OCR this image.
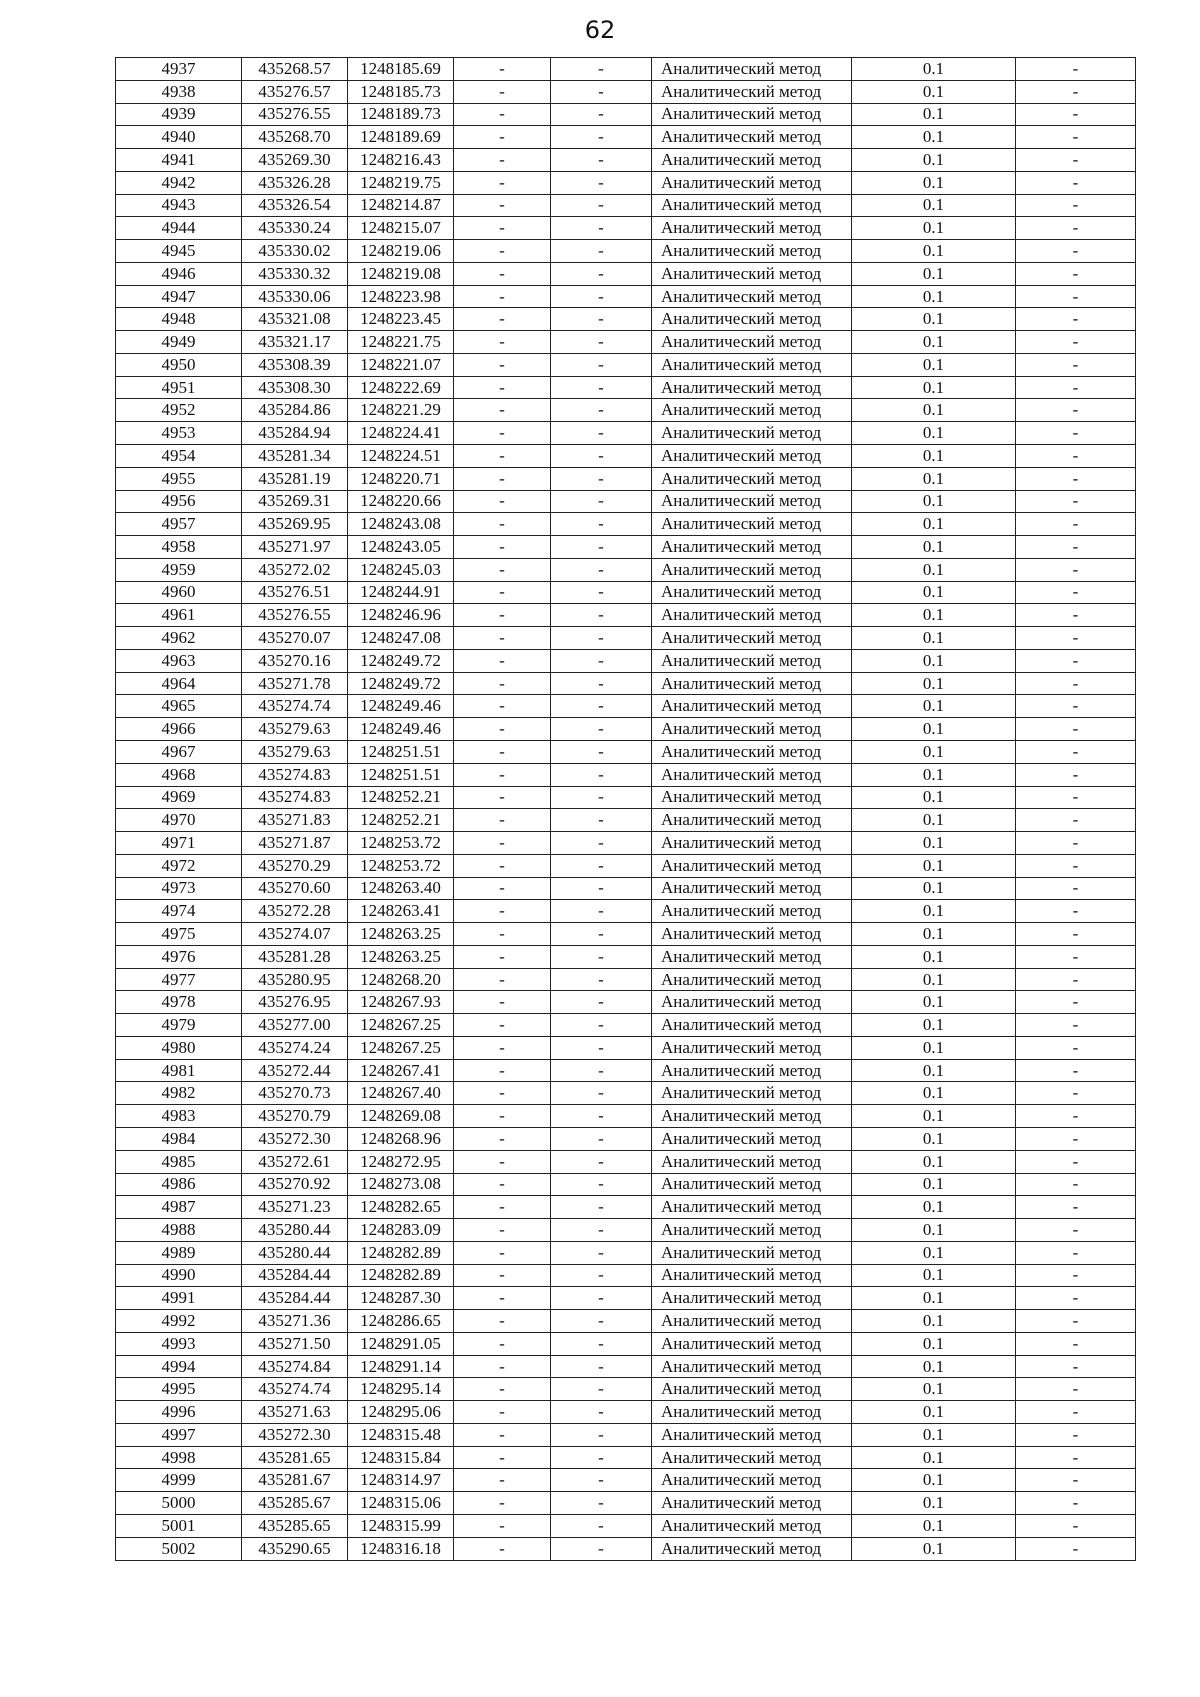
62
4937	435268.57	1248185.69	-	-	Аналитический метод	0.1	-
4938	435276.57	1248185.73	-	-	Аналитический метод	0.1	-
4939	435276.55	1248189.73	-	-	Аналитический метод	0.1	-
4940	435268.70	1248189.69	-	-	Аналитический метод	0.1	-
4941	435269.30	1248216.43	-	-	Аналитический метод	0.1	-
4942	435326.28	1248219.75	-	-	Аналитический метод	0.1	-
4943	435326.54	1248214.87	-	-	Аналитический метод	0.1	-
4944	435330.24	1248215.07	-	-	Аналитический метод	0.1	-
4945	435330.02	1248219.06	-	-	Аналитический метод	0.1	-
4946	435330.32	1248219.08	-	-	Аналитический метод	0.1	-
4947	435330.06	1248223.98	-	-	Аналитический метод	0.1	-
4948	435321.08	1248223.45	-	-	Аналитический метод	0.1	-
4949	435321.17	1248221.75	-	-	Аналитический метод	0.1	-
4950	435308.39	1248221.07	-	-	Аналитический метод	0.1	-
4951	435308.30	1248222.69	-	-	Аналитический метод	0.1	-
4952	435284.86	1248221.29	-	-	Аналитический метод	0.1	-
4953	435284.94	1248224.41	-	-	Аналитический метод	0.1	-
4954	435281.34	1248224.51	-	-	Аналитический метод	0.1	-
4955	435281.19	1248220.71	-	-	Аналитический метод	0.1	-
4956	435269.31	1248220.66	-	-	Аналитический метод	0.1	-
4957	435269.95	1248243.08	-	-	Аналитический метод	0.1	-
4958	435271.97	1248243.05	-	-	Аналитический метод	0.1	-
4959	435272.02	1248245.03	-	-	Аналитический метод	0.1	-
4960	435276.51	1248244.91	-	-	Аналитический метод	0.1	-
4961	435276.55	1248246.96	-	-	Аналитический метод	0.1	-
4962	435270.07	1248247.08	-	-	Аналитический метод	0.1	-
4963	435270.16	1248249.72	-	-	Аналитический метод	0.1	-
4964	435271.78	1248249.72	-	-	Аналитический метод	0.1	-
4965	435274.74	1248249.46	-	-	Аналитический метод	0.1	-
4966	435279.63	1248249.46	-	-	Аналитический метод	0.1	-
4967	435279.63	1248251.51	-	-	Аналитический метод	0.1	-
4968	435274.83	1248251.51	-	-	Аналитический метод	0.1	-
4969	435274.83	1248252.21	-	-	Аналитический метод	0.1	-
4970	435271.83	1248252.21	-	-	Аналитический метод	0.1	-
4971	435271.87	1248253.72	-	-	Аналитический метод	0.1	-
4972	435270.29	1248253.72	-	-	Аналитический метод	0.1	-
4973	435270.60	1248263.40	-	-	Аналитический метод	0.1	-
4974	435272.28	1248263.41	-	-	Аналитический метод	0.1	-
4975	435274.07	1248263.25	-	-	Аналитический метод	0.1	-
4976	435281.28	1248263.25	-	-	Аналитический метод	0.1	-
4977	435280.95	1248268.20	-	-	Аналитический метод	0.1	-
4978	435276.95	1248267.93	-	-	Аналитический метод	0.1	-
4979	435277.00	1248267.25	-	-	Аналитический метод	0.1	-
4980	435274.24	1248267.25	-	-	Аналитический метод	0.1	-
4981	435272.44	1248267.41	-	-	Аналитический метод	0.1	-
4982	435270.73	1248267.40	-	-	Аналитический метод	0.1	-
4983	435270.79	1248269.08	-	-	Аналитический метод	0.1	-
4984	435272.30	1248268.96	-	-	Аналитический метод	0.1	-
4985	435272.61	1248272.95	-	-	Аналитический метод	0.1	-
4986	435270.92	1248273.08	-	-	Аналитический метод	0.1	-
4987	435271.23	1248282.65	-	-	Аналитический метод	0.1	-
4988	435280.44	1248283.09	-	-	Аналитический метод	0.1	-
4989	435280.44	1248282.89	-	-	Аналитический метод	0.1	-
4990	435284.44	1248282.89	-	-	Аналитический метод	0.1	-
4991	435284.44	1248287.30	-	-	Аналитический метод	0.1	-
4992	435271.36	1248286.65	-	-	Аналитический метод	0.1	-
4993	435271.50	1248291.05	-	-	Аналитический метод	0.1	-
4994	435274.84	1248291.14	-	-	Аналитический метод	0.1	-
4995	435274.74	1248295.14	-	-	Аналитический метод	0.1	-
4996	435271.63	1248295.06	-	-	Аналитический метод	0.1	-
4997	435272.30	1248315.48	-	-	Аналитический метод	0.1	-
4998	435281.65	1248315.84	-	-	Аналитический метод	0.1	-
4999	435281.67	1248314.97	-	-	Аналитический метод	0.1	-
5000	435285.67	1248315.06	-	-	Аналитический метод	0.1	-
5001	435285.65	1248315.99	-	-	Аналитический метод	0.1	-
5002	435290.65	1248316.18	-	-	Аналитический метод	0.1	-
